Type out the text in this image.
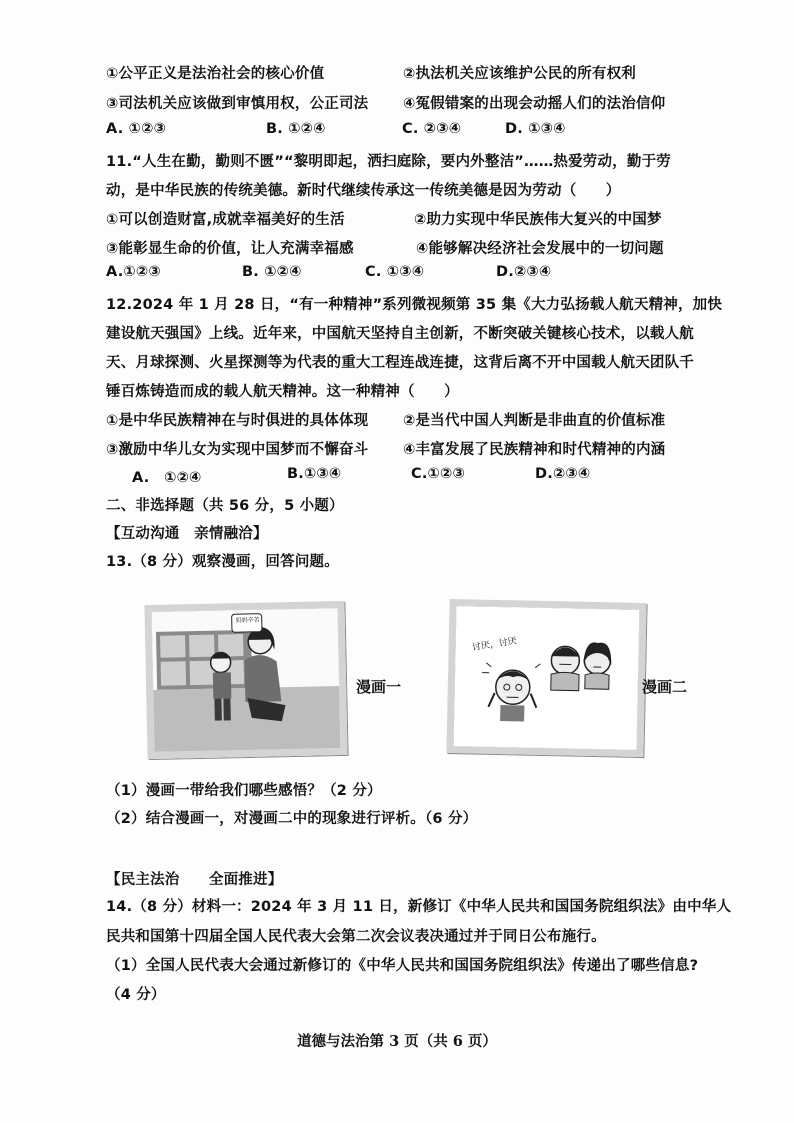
①公平正义是法治社会的核心价值	②执法机关应该维护公民的所有权利
③司法机关应该做到审慎用权，公正司法 ④冤假错案的出现会动摇人们的法治信仰
A. ①②③	B. ①②④	C. ②③④	D. ①③④
11.“人生在勤，勤则不匮”“黎明即起，洒扫庭除，要内外整洁”……热爱劳动，勤于劳
动，是中华民族的传统美德。新时代继续传承这一传统美德是因为劳动（　　）
①可以创造财富,成就幸福美好的生活	②助力实现中华民族伟大复兴的中国梦
③能彰显生命的价值，让人充满幸福感	④能够解决经济社会发展中的一切问题
A.①②③	B. ①②④	C. ①③④	D.②③④
12.2024 年 1 月 28 日，“有一种精神”系列微视频第 35 集《大力弘扬载人航天精神，加快
建设航天强国》上线。近年来，中国航天坚持自主创新，不断突破关键核心技术，以载人航
天、月球探测、火星探测等为代表的重大工程连战连捷，这背后离不开中国载人航天团队千
锤百炼铸造而成的载人航天精神。这一种精神（　　）
①是中华民族精神在与时俱进的具体体现 ②是当代中国人判断是非曲直的价值标准
③激励中华儿女为实现中国梦而不懈奋斗 ④丰富发展了民族精神和时代精神的内涵
A.　①②④	B.①③④	C.①②③	D.②③④
二、非选择题（共 56 分，5 小题）
【互动沟通　亲情融洽】
13.（8 分）观察漫画，回答问题。
妈妈辛苦
漫画一
讨厌，讨厌
漫画二
（1）漫画一带给我们哪些感悟？（2 分）
（2）结合漫画一，对漫画二中的现象进行评析。（6 分）
【民主法治　　全面推进】
14.（8 分）材料一：2024 年 3 月 11 日，新修订《中华人民共和国国务院组织法》由中华人
民共和国第十四届全国人民代表大会第二次会议表决通过并于同日公布施行。
（1）全国人民代表大会通过新修订的《中华人民共和国国务院组织法》传递出了哪些信息?
（4 分）
道德与法治第 3 页（共 6 页）
